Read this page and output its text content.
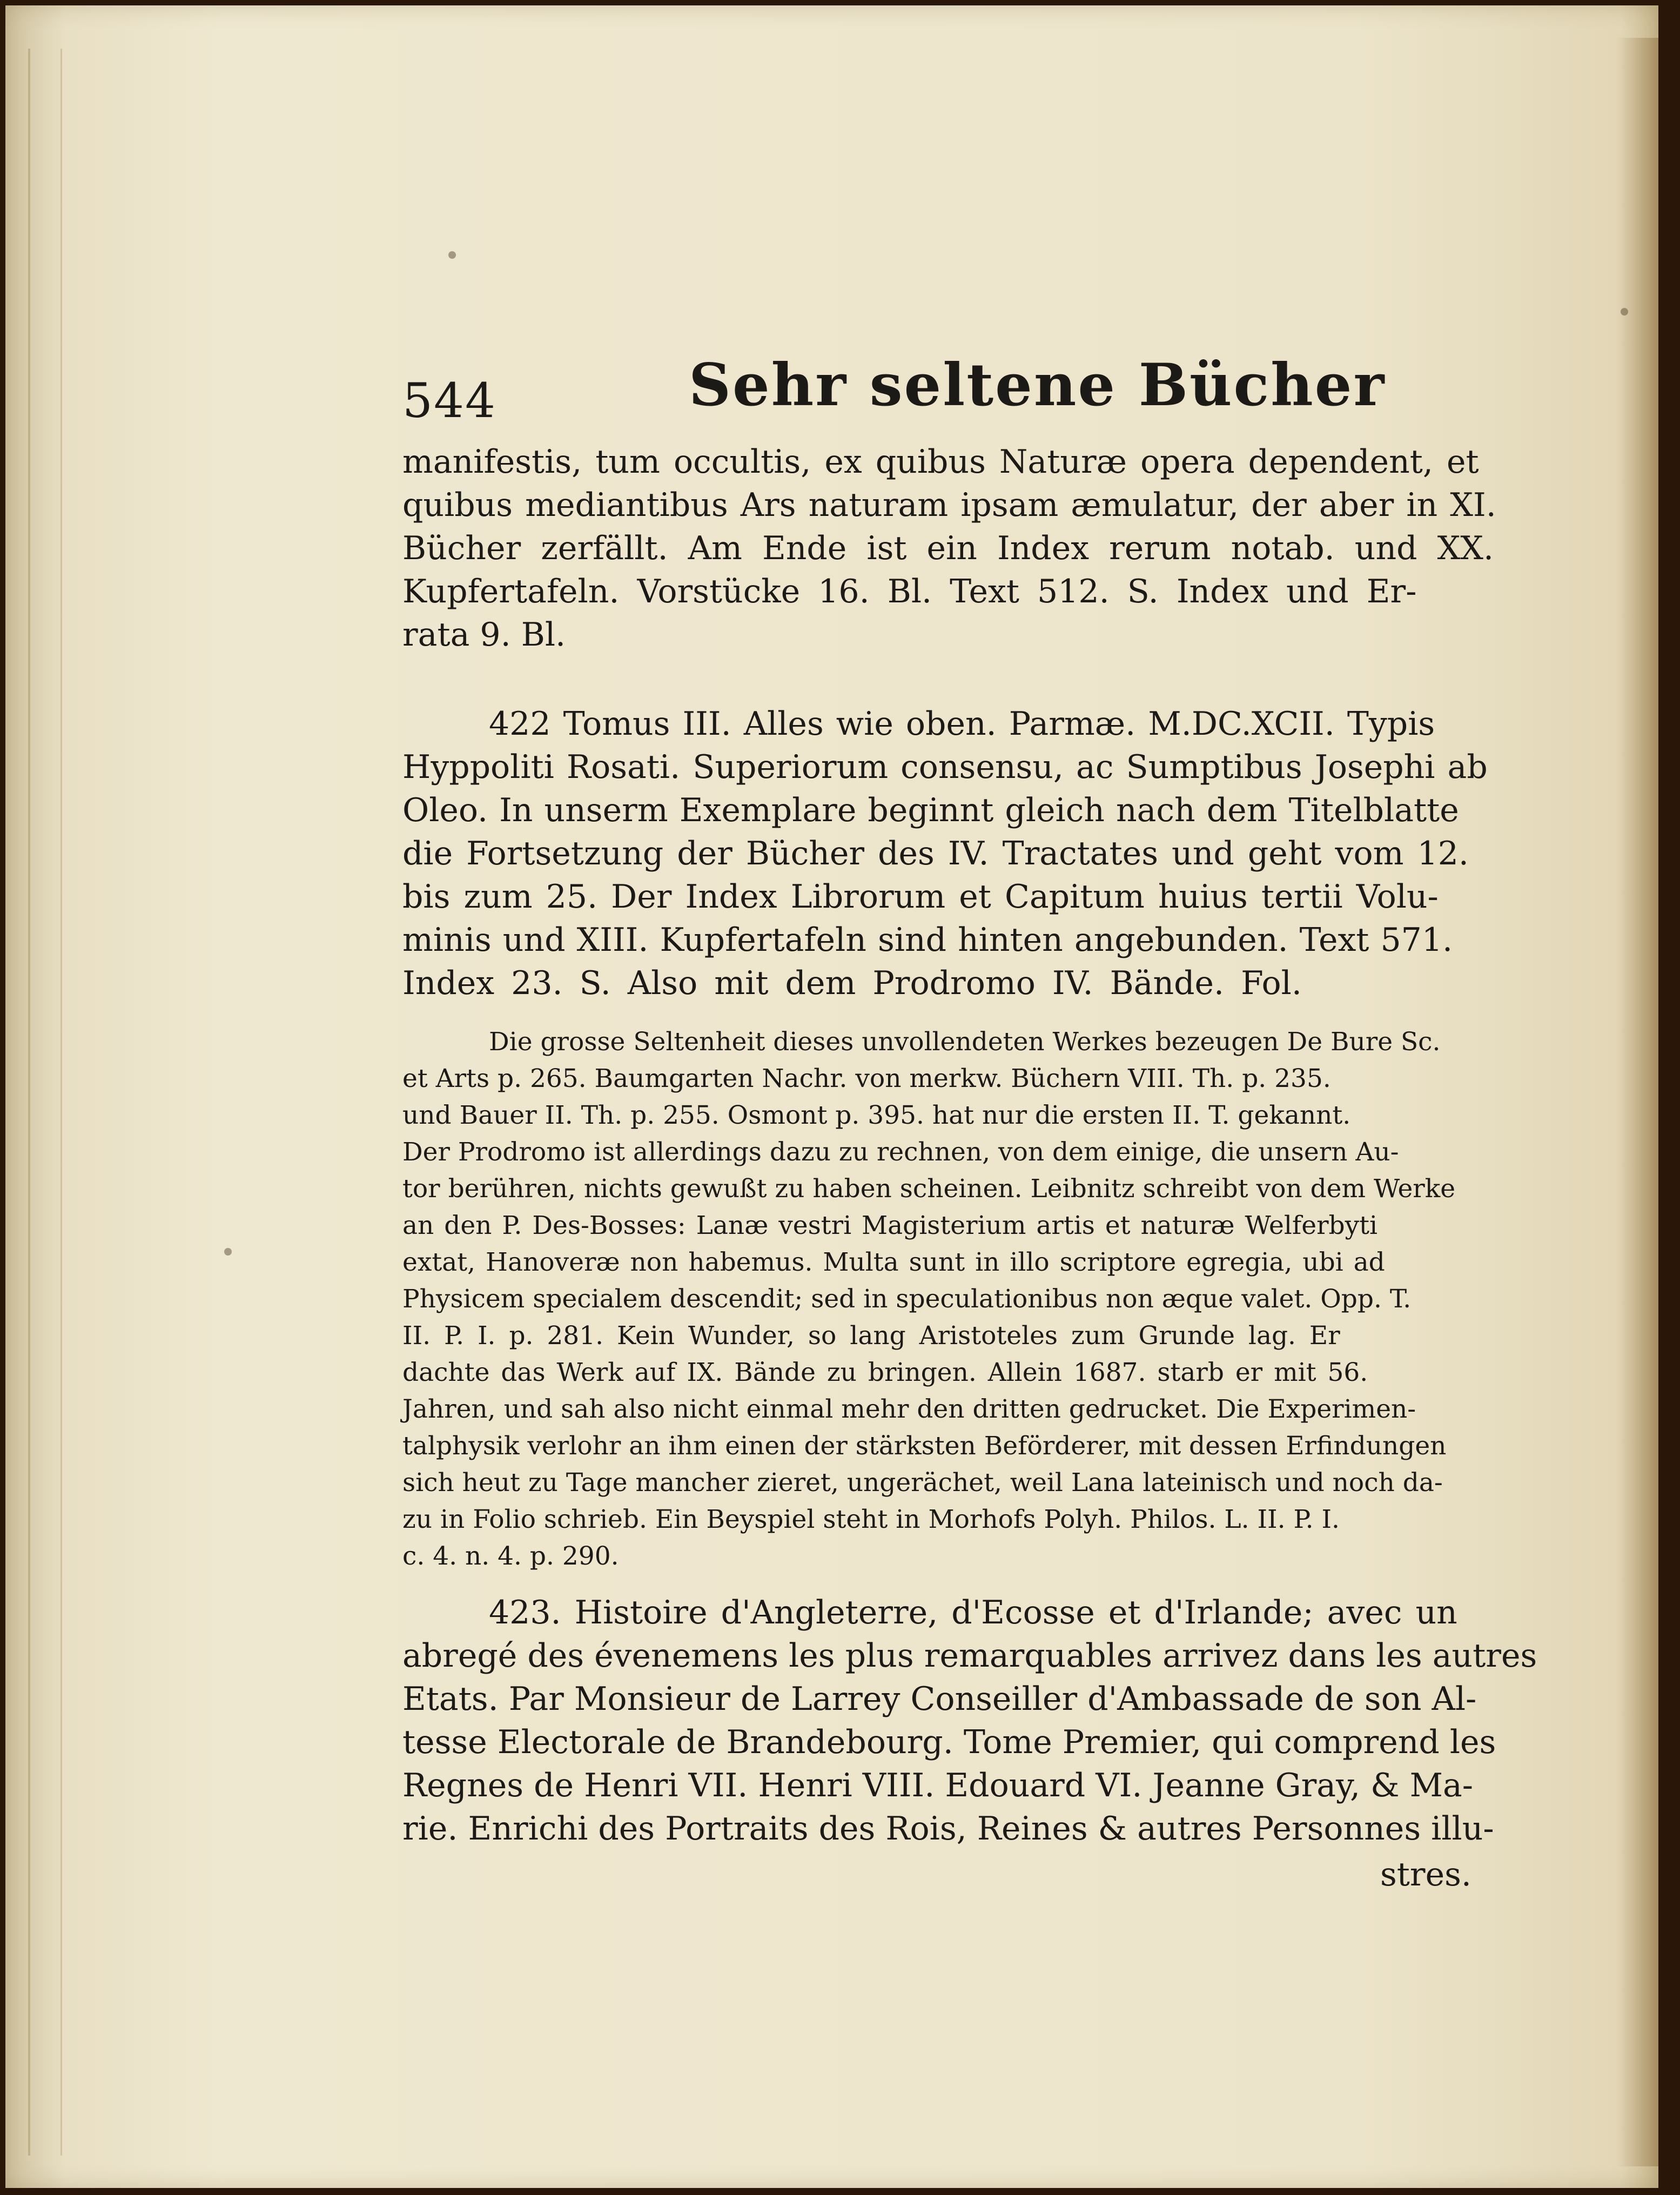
544	Sehr seltene Bücher
manifestis, tum occultis, ex quibus Naturæ opera dependent, et
quibus mediantibus Ars naturam ipsam æmulatur, der aber in XI.
Bücher zerfällt. Am Ende ist ein Index rerum notab. und XX.
Kupfertafeln. Vorstücke 16. Bl. Text 512. S. Index und Er-
rata 9. Bl.
422 Tomus III. Alles wie oben. Parmæ. M.DC.XCII. Typis
Hyppoliti Rosati. Superiorum consensu, ac Sumptibus Josephi ab
Oleo. In unserm Exemplare beginnt gleich nach dem Titelblatte
die Fortsetzung der Bücher des IV. Tractates und geht vom 12.
bis zum 25. Der Index Librorum et Capitum huius tertii Volu-
minis und XIII. Kupfertafeln sind hinten angebunden. Text 571.
Index 23. S. Also mit dem Prodromo IV. Bände. Fol.
Die grosse Seltenheit dieses unvollendeten Werkes bezeugen De Bure Sc.
et Arts p. 265. Baumgarten Nachr. von merkw. Büchern VIII. Th. p. 235.
und Bauer II. Th. p. 255. Osmont p. 395. hat nur die ersten II. T. gekannt.
Der Prodromo ist allerdings dazu zu rechnen, von dem einige, die unsern Au-
tor berühren, nichts gewußt zu haben scheinen. Leibnitz schreibt von dem Werke
an den P. Des-Bosses: Lanæ vestri Magisterium artis et naturæ Welferbyti
extat, Hanoveræ non habemus. Multa sunt in illo scriptore egregia, ubi ad
Physicem specialem descendit; sed in speculationibus non æque valet. Opp. T.
II. P. I. p. 281. Kein Wunder, so lang Aristoteles zum Grunde lag. Er
dachte das Werk auf IX. Bände zu bringen. Allein 1687. starb er mit 56.
Jahren, und sah also nicht einmal mehr den dritten gedrucket. Die Experimen-
talphysik verlohr an ihm einen der stärksten Beförderer, mit dessen Erfindungen
sich heut zu Tage mancher zieret, ungerächet, weil Lana lateinisch und noch da-
zu in Folio schrieb. Ein Beyspiel steht in Morhofs Polyh. Philos. L. II. P. I.
c. 4. n. 4. p. 290.
423. Histoire d'Angleterre, d'Ecosse et d'Irlande; avec un
abregé des évenemens les plus remarquables arrivez dans les autres
Etats. Par Monsieur de Larrey Conseiller d'Ambassade de son Al-
tesse Electorale de Brandebourg. Tome Premier, qui comprend les
Regnes de Henri VII. Henri VIII. Edouard VI. Jeanne Gray, & Ma-
rie. Enrichi des Portraits des Rois, Reines & autres Personnes illu-
stres.
